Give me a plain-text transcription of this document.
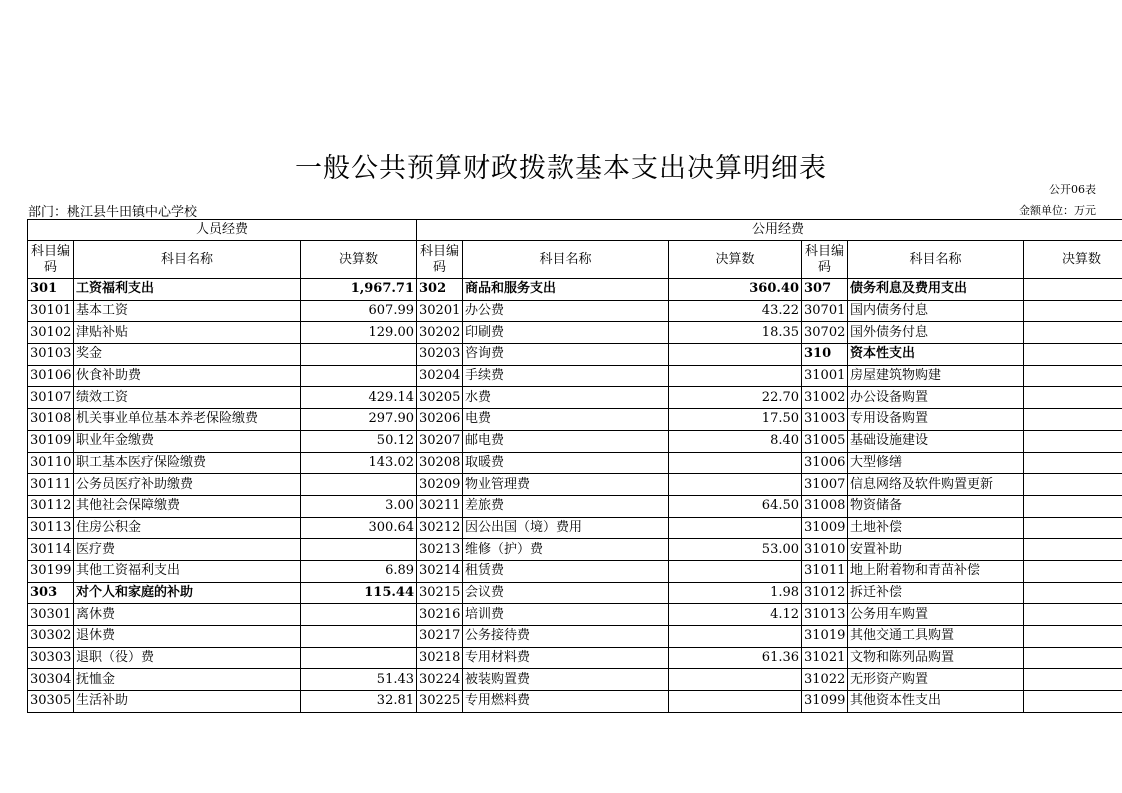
一般公共预算财政拨款基本支出决算明细表
公开06表
部门：桃江县牛田镇中心学校	金额单位：万元
人员经费			公用经费					
科目编码	科目名称	决算数	科目编码	科目名称	决算数	科目编码	科目名称	决算数
301	工资福利支出	1,967.71	302	商品和服务支出	360.40	307	债务利息及费用支出	
30101	基本工资	607.99	30201	办公费	43.22	30701	国内债务付息	
30102	津贴补贴	129.00	30202	印刷费	18.35	30702	国外债务付息	
30103	奖金		30203	咨询费		310	资本性支出	
30106	伙食补助费		30204	手续费		31001	房屋建筑物购建	
30107	绩效工资	429.14	30205	水费	22.70	31002	办公设备购置	
30108	机关事业单位基本养老保险缴费	297.90	30206	电费	17.50	31003	专用设备购置	
30109	职业年金缴费	50.12	30207	邮电费	8.40	31005	基础设施建设	
30110	职工基本医疗保险缴费	143.02	30208	取暖费		31006	大型修缮	
30111	公务员医疗补助缴费		30209	物业管理费		31007	信息网络及软件购置更新	
30112	其他社会保障缴费	3.00	30211	差旅费	64.50	31008	物资储备	
30113	住房公积金	300.64	30212	因公出国（境）费用		31009	土地补偿	
30114	医疗费		30213	维修（护）费	53.00	31010	安置补助	
30199	其他工资福利支出	6.89	30214	租赁费		31011	地上附着物和青苗补偿	
303	对个人和家庭的补助	115.44	30215	会议费	1.98	31012	拆迁补偿	
30301	离休费		30216	培训费	4.12	31013	公务用车购置	
30302	退休费		30217	公务接待费		31019	其他交通工具购置	
30303	退职（役）费		30218	专用材料费	61.36	31021	文物和陈列品购置	
30304	抚恤金	51.43	30224	被装购置费		31022	无形资产购置	
30305	生活补助	32.81	30225	专用燃料费		31099	其他资本性支出	
